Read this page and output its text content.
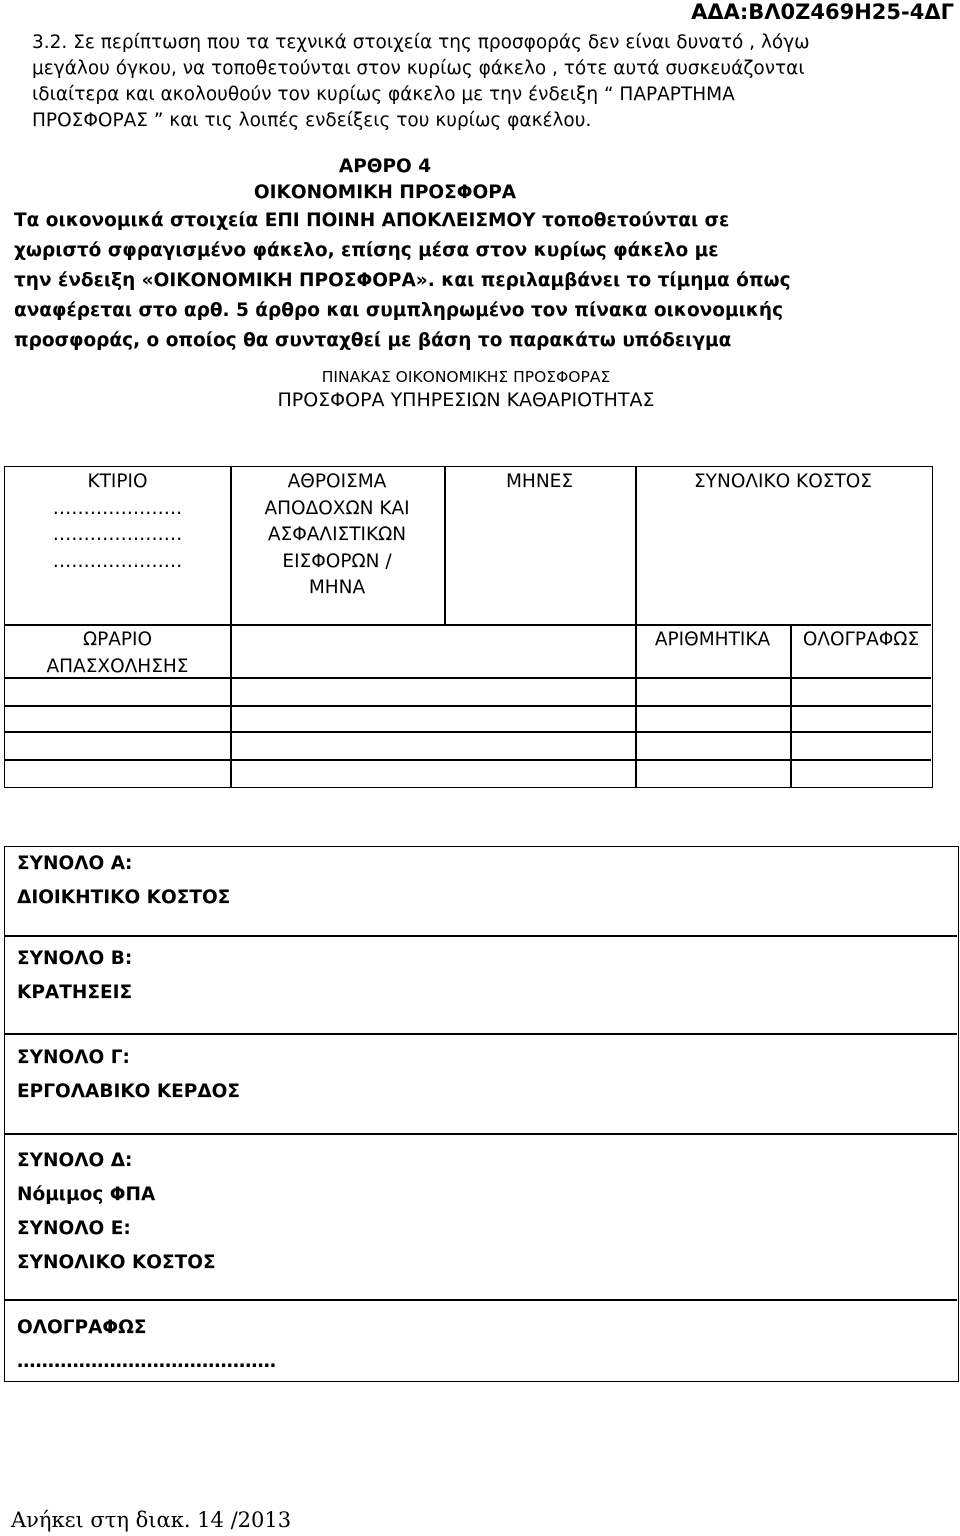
ΑΔΑ:ΒΛ0Ζ469Η25-4ΔΓ
3.2. Σε περίπτωση που τα τεχνικά στοιχεία της προσφοράς δεν είναι δυνατό , λόγω
μεγάλου όγκου, να τοποθετούνται στον κυρίως φάκελο , τότε αυτά συσκευάζονται
ιδιαίτερα και ακολουθούν τον κυρίως φάκελο με την ένδειξη “ ΠΑΡΑΡΤΗΜΑ
ΠΡΟΣΦΟΡΑΣ ” και τις λοιπές ενδείξεις του κυρίως φακέλου.
ΑΡΘΡΟ 4
ΟΙΚΟΝΟΜΙΚΗ ΠΡΟΣΦΟΡΑ
Τα οικονομικά στοιχεία ΕΠΙ ΠΟΙΝΗ ΑΠΟΚΛΕΙΣΜΟΥ τοποθετούνται σε
χωριστό σφραγισμένο φάκελο, επίσης μέσα στον κυρίως φάκελο με
την ένδειξη «ΟΙΚΟΝΟΜΙΚΗ ΠΡΟΣΦΟΡΑ». και περιλαμβάνει το τίμημα όπως
αναφέρεται στο αρθ. 5 άρθρο και συμπληρωμένο τον πίνακα οικονομικής
προσφοράς, ο οποίος θα συνταχθεί με βάση το παρακάτω υπόδειγμα
ΠΙΝΑΚΑΣ ΟΙΚΟΝΟΜΙΚΗΣ ΠΡΟΣΦΟΡΑΣ
ΠΡΟΣΦΟΡΑ ΥΠΗΡΕΣΙΩΝ ΚΑΘΑΡΙΟΤΗΤΑΣ
ΚΤΙΡΙΟ
…………………
…………………
…………………
ΑΘΡΟΙΣΜΑ
ΑΠΟΔΟΧΩΝ ΚΑΙ
ΑΣΦΑΛΙΣΤΙΚΩΝ
ΕΙΣΦΟΡΩΝ /
ΜΗΝΑ
ΜΗΝΕΣ	ΣΥΝΟΛΙΚΟ ΚΟΣΤΟΣ
ΩΡΑΡΙΟ
ΑΠΑΣΧΟΛΗΣΗΣ
ΑΡΙΘΜΗΤΙΚΑ	ΟΛΟΓΡΑΦΩΣ
ΣΥΝΟΛΟ Α:
ΔΙΟΙΚΗΤΙΚΟ ΚΟΣΤΟΣ
ΣΥΝΟΛΟ Β:
ΚΡΑΤΗΣΕΙΣ
ΣΥΝΟΛΟ Γ:
ΕΡΓΟΛΑΒΙΚΟ ΚΕΡΔΟΣ
ΣΥΝΟΛΟ Δ:
Νόμιμος ΦΠΑ
ΣΥΝΟΛΟ Ε:
ΣΥΝΟΛΙΚΟ ΚΟΣΤΟΣ
ΟΛΟΓΡΑΦΩΣ
……………………………………
Ανήκει στη διακ. 14 /2013
